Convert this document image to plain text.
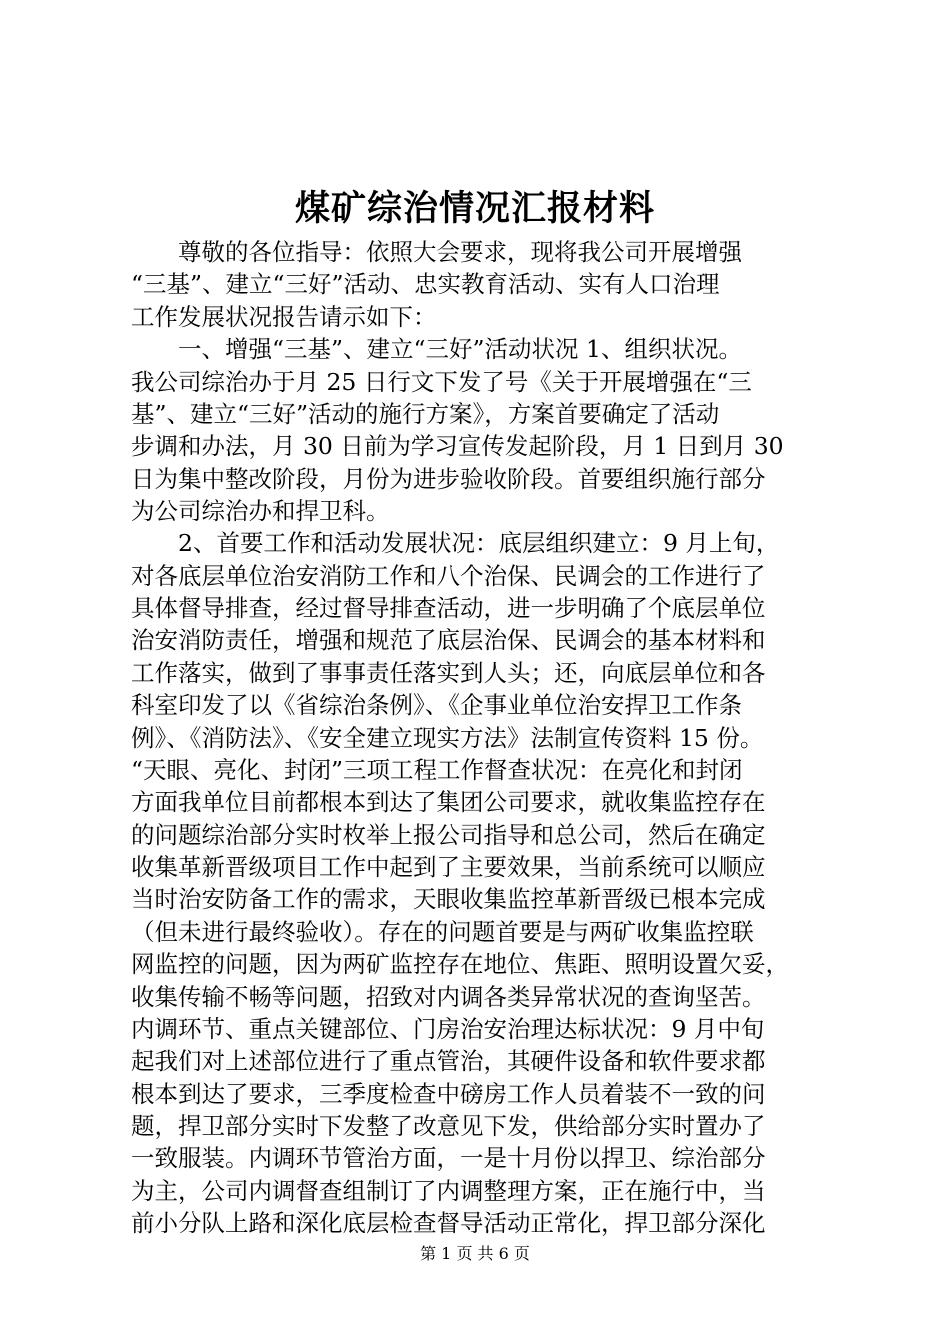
煤矿综治情况汇报材料
　　尊敬的各位指导：依照大会要求，现将我公司开展增强
“三基”、建立“三好”活动、忠实教育活动、实有人口治理
工作发展状况报告请示如下：
　　一、增强“三基”、建立“三好”活动状况 1、组织状况。
我公司综治办于月 25 日行文下发了号《关于开展增强在“三
基”、建立“三好”活动的施行方案》，方案首要确定了活动
步调和办法，月 30 日前为学习宣传发起阶段，月 1 日到月 30
日为集中整改阶段，月份为进步验收阶段。首要组织施行部分
为公司综治办和捍卫科。
　　2、首要工作和活动发展状况：底层组织建立：9 月上旬，
对各底层单位治安消防工作和八个治保、民调会的工作进行了
具体督导排查，经过督导排查活动，进一步明确了个底层单位
治安消防责任，增强和规范了底层治保、民调会的基本材料和
工作落实，做到了事事责任落实到人头；还，向底层单位和各
科室印发了以《省综治条例》、《企事业单位治安捍卫工作条
例》、《消防法》、《安全建立现实方法》法制宣传资料 15 份。
“天眼、亮化、封闭”三项工程工作督查状况：在亮化和封闭
方面我单位目前都根本到达了集团公司要求，就收集监控存在
的问题综治部分实时枚举上报公司指导和总公司，然后在确定
收集革新晋级项目工作中起到了主要效果，当前系统可以顺应
当时治安防备工作的需求，天眼收集监控革新晋级已根本完成
（但未进行最终验收）。存在的问题首要是与两矿收集监控联
网监控的问题，因为两矿监控存在地位、焦距、照明设置欠妥，
收集传输不畅等问题，招致对内调各类异常状况的查询坚苦。
内调环节、重点关键部位、门房治安治理达标状况：9 月中旬
起我们对上述部位进行了重点管治，其硬件设备和软件要求都
根本到达了要求，三季度检查中磅房工作人员着装不一致的问
题，捍卫部分实时下发整了改意见下发，供给部分实时置办了
一致服装。内调环节管治方面，一是十月份以捍卫、综治部分
为主，公司内调督查组制订了内调整理方案，正在施行中，当
前小分队上路和深化底层检查督导活动正常化，捍卫部分深化
第 1 页 共 6 页
